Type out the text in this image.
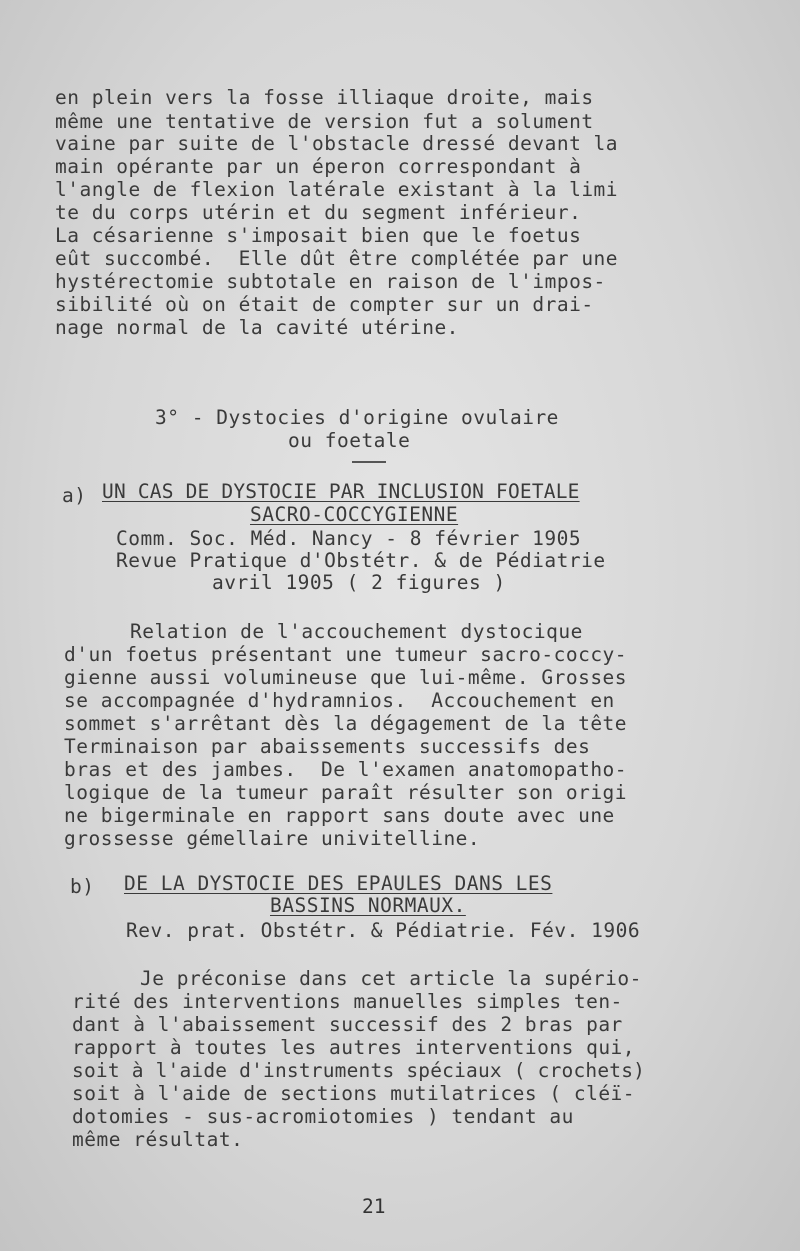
en plein vers la fosse illiaque droite, mais
même une tentative de version fut a solument
vaine par suite de l'obstacle dressé devant la
main opérante par un éperon correspondant à
l'angle de flexion latérale existant à la limi
te du corps utérin et du segment inférieur.
La césarienne s'imposait bien que le foetus
eût succombé.  Elle dût être complétée par une
hystérectomie subtotale en raison de l'impos-
sibilité où on était de compter sur un drai-
nage normal de la cavité utérine.
3° - Dystocies d'origine ovulaire
ou foetale
a) UN CAS DE DYSTOCIE PAR INCLUSION FOETALE
SACRO-COCCYGIENNE
Comm. Soc. Méd. Nancy - 8 février 1905
Revue Pratique d'Obstétr. & de Pédiatrie
avril 1905 ( 2 figures )
Relation de l'accouchement dystocique
d'un foetus présentant une tumeur sacro-coccy-
gienne aussi volumineuse que lui-même. Grosses
se accompagnée d'hydramnios.  Accouchement en
sommet s'arrêtant dès la dégagement de la tête
Terminaison par abaissements successifs des
bras et des jambes.  De l'examen anatomopatho-
logique de la tumeur paraît résulter son origi
ne bigerminale en rapport sans doute avec une
grossesse gémellaire univitelline.
b) DE LA DYSTOCIE DES EPAULES DANS LES
BASSINS NORMAUX.
Rev. prat. Obstétr. & Pédiatrie. Fév. 1906
Je préconise dans cet article la supério-
rité des interventions manuelles simples ten-
dant à l'abaissement successif des 2 bras par
rapport à toutes les autres interventions qui,
soit à l'aide d'instruments spéciaux ( crochets)
soit à l'aide de sections mutilatrices ( cléï-
dotomies - sus-acromiotomies ) tendant au
même résultat.
21
